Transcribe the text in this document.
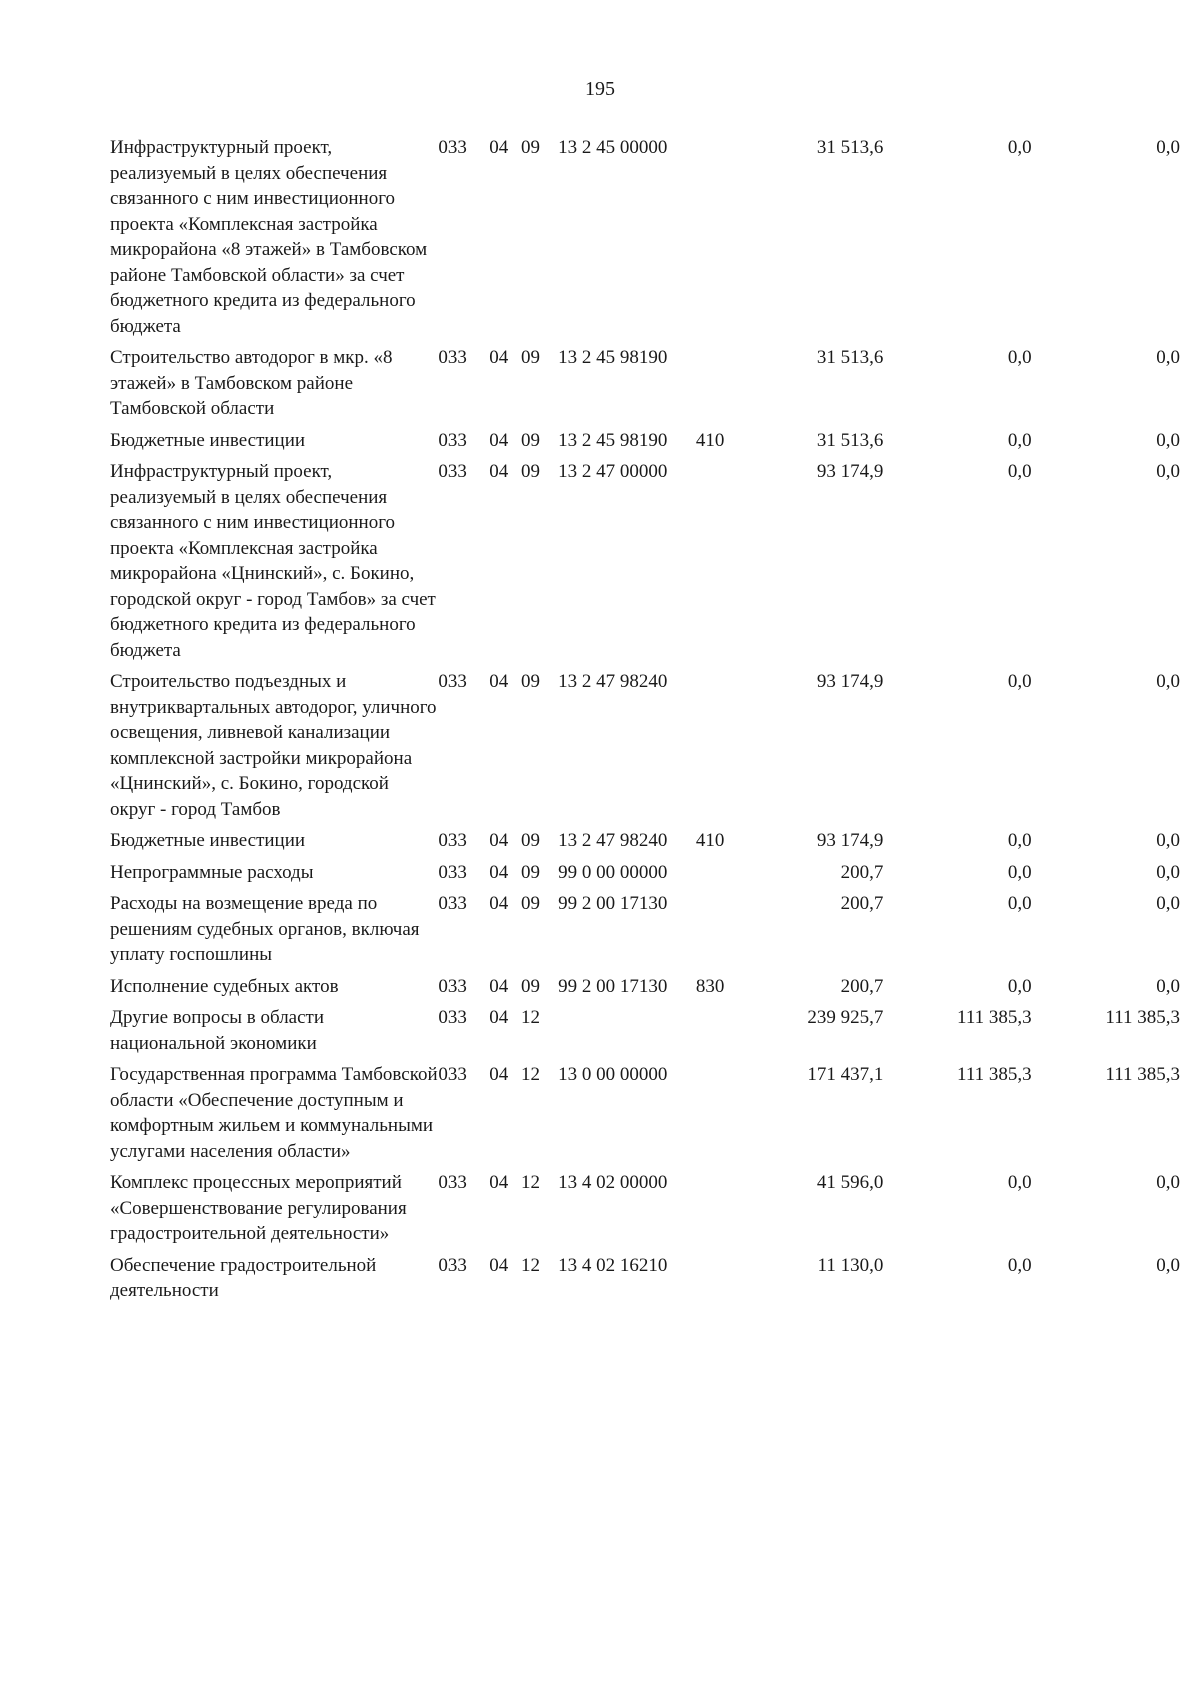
195
Инфраструктурный проект, реализуемый в целях обеспечения связанного с ним инвестиционного проекта «Комплексная застройка микрорайона «8 этажей» в Тамбовском районе Тамбовской области» за счет бюджетного кредита из федерального бюджета	033	04	09	13 2 45 00000		31 513,6	0,0	0,0
Строительство автодорог в мкр. «8 этажей» в Тамбовском районе Тамбовской области	033	04	09	13 2 45 98190		31 513,6	0,0	0,0
Бюджетные инвестиции	033	04	09	13 2 45 98190	410	31 513,6	0,0	0,0
Инфраструктурный проект, реализуемый в целях обеспечения связанного с ним инвестиционного проекта «Комплексная застройка микрорайона «Цнинский», с. Бокино, городской округ - город Тамбов» за счет бюджетного кредита из федерального бюджета	033	04	09	13 2 47 00000		93 174,9	0,0	0,0
Строительство подъездных и внутриквартальных автодорог, уличного освещения, ливневой канализации комплексной застройки микрорайона «Цнинский», с. Бокино, городской округ - город Тамбов	033	04	09	13 2 47 98240		93 174,9	0,0	0,0
Бюджетные инвестиции	033	04	09	13 2 47 98240	410	93 174,9	0,0	0,0
Непрограммные расходы	033	04	09	99 0 00 00000		200,7	0,0	0,0
Расходы на возмещение вреда по решениям судебных органов, включая уплату госпошлины	033	04	09	99 2 00 17130		200,7	0,0	0,0
Исполнение судебных актов	033	04	09	99 2 00 17130	830	200,7	0,0	0,0
Другие вопросы в области национальной экономики	033	04	12			239 925,7	111 385,3	111 385,3
Государственная программа Тамбовской области «Обеспечение доступным и комфортным жильем и коммунальными услугами населения области»	033	04	12	13 0 00 00000		171 437,1	111 385,3	111 385,3
Комплекс процессных мероприятий «Совершенствование регулирования градостроительной деятельности»	033	04	12	13 4 02 00000		41 596,0	0,0	0,0
Обеспечение градостроительной деятельности	033	04	12	13 4 02 16210		11 130,0	0,0	0,0
